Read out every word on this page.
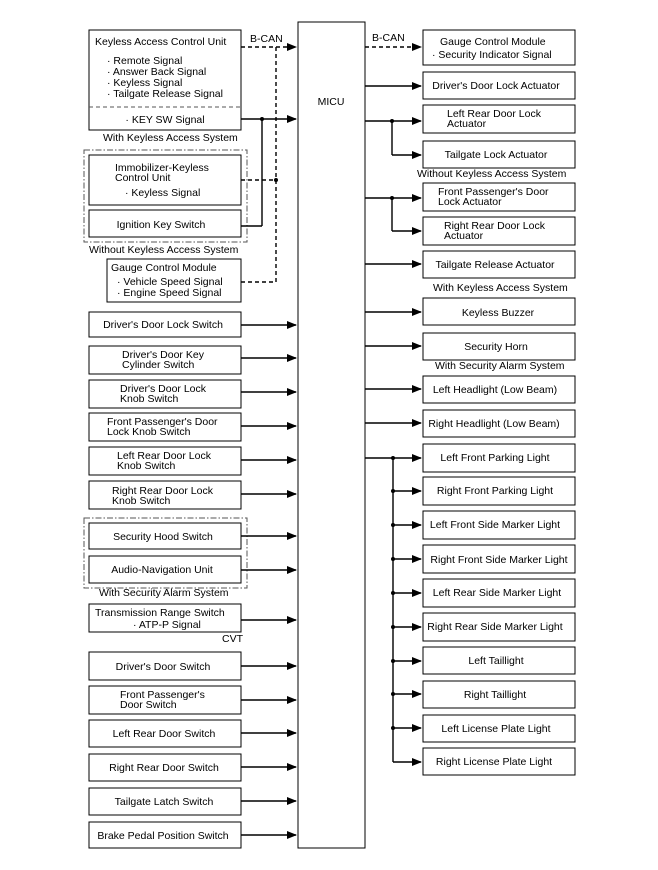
MICU
Keyless Access Control Unit
· Remote Signal
· Answer Back Signal
· Keyless Signal
· Tailgate Release Signal
· KEY SW Signal
With Keyless Access System
Immobilizer-Keyless
Control Unit
· Keyless Signal
Ignition Key Switch
Without Keyless Access System
Gauge Control Module
· Vehicle Speed Signal
· Engine Speed Signal
B-CAN
Driver's Door Lock Switch
Driver's Door Key
Cylinder Switch
Driver's Door Lock
Knob Switch
Front Passenger's Door
Lock Knob Switch
Left Rear Door Lock
Knob Switch
Right Rear Door Lock
Knob Switch
Security Hood Switch
Audio-Navigation Unit
With Security Alarm System
Transmission Range Switch
· ATP-P Signal
CVT
Driver's Door Switch
Front Passenger's
Door Switch
Left Rear Door Switch
Right Rear Door Switch
Tailgate Latch Switch
Brake Pedal Position Switch
B-CAN	Gauge Control Module
· Security Indicator Signal
Driver's Door Lock Actuator
Left Rear Door Lock
Actuator
Tailgate Lock Actuator
Without Keyless Access System
Front Passenger's Door
Lock Actuator
Right Rear Door Lock
Actuator
Tailgate Release Actuator
With Keyless Access System
Keyless Buzzer
Security Horn
With Security Alarm System
Left Headlight (Low Beam)
Right Headlight (Low Beam)
Left Front Parking Light
Right Front Parking Light
Left Front Side Marker Light
Right Front Side Marker Light
Left Rear Side Marker Light
Right Rear Side Marker Light
Left Taillight
Right Taillight
Left License Plate Light
Right License Plate Light
